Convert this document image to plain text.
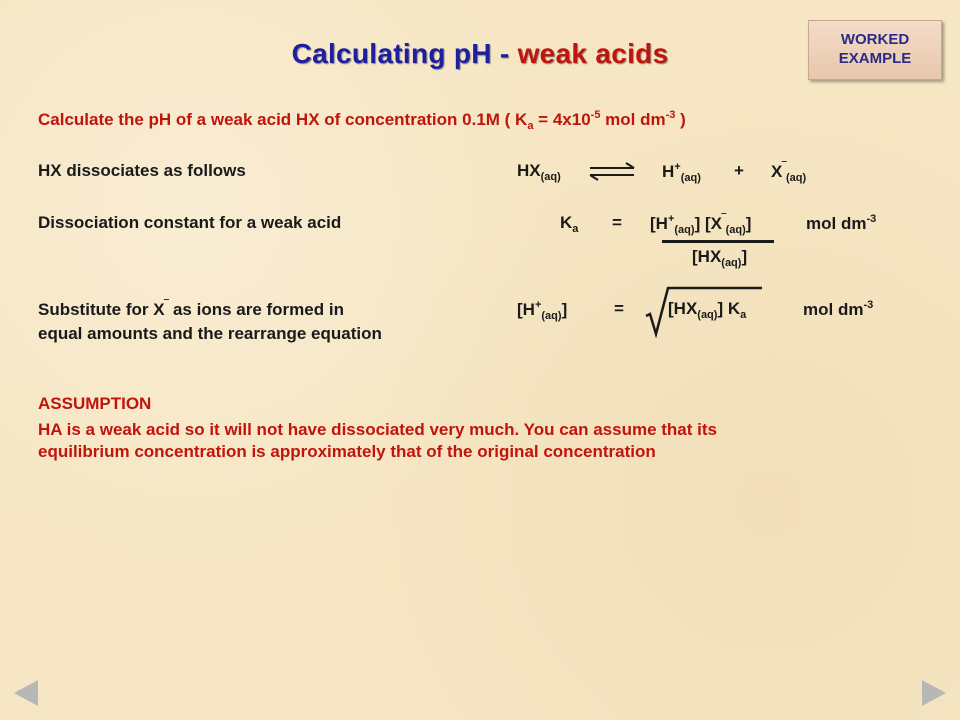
Calculating pH - weak acids	WORKED
EXAMPLE
Calculate the pH of a weak acid HX of concentration 0.1M ( $K_a = 4x10^{-5}$ mol $dm^{-3}$ )
HX dissociates as follows	$HX_{(aq)}$ ⇌ $H^+_{(aq)} + X^‾_{(aq)}$
Dissociation constant for a weak acid	$K_a = [H^+_{(aq)}]$ $[X^‾_{(aq)}]$	mol $dm^{-3}$
$[HX_{(aq)}]$
Substitute for X‾ as ions are formed in
equal amounts and the rearrange equation
$[H^+_{(aq)}]$	=	$[HX_{(aq)}]$ $K_a$	mol $dm^{-3}$
ASSUMPTION
HA is a weak acid so it will not have dissociated very much. You can assume that its
equilibrium concentration is approximately that of the original concentration
